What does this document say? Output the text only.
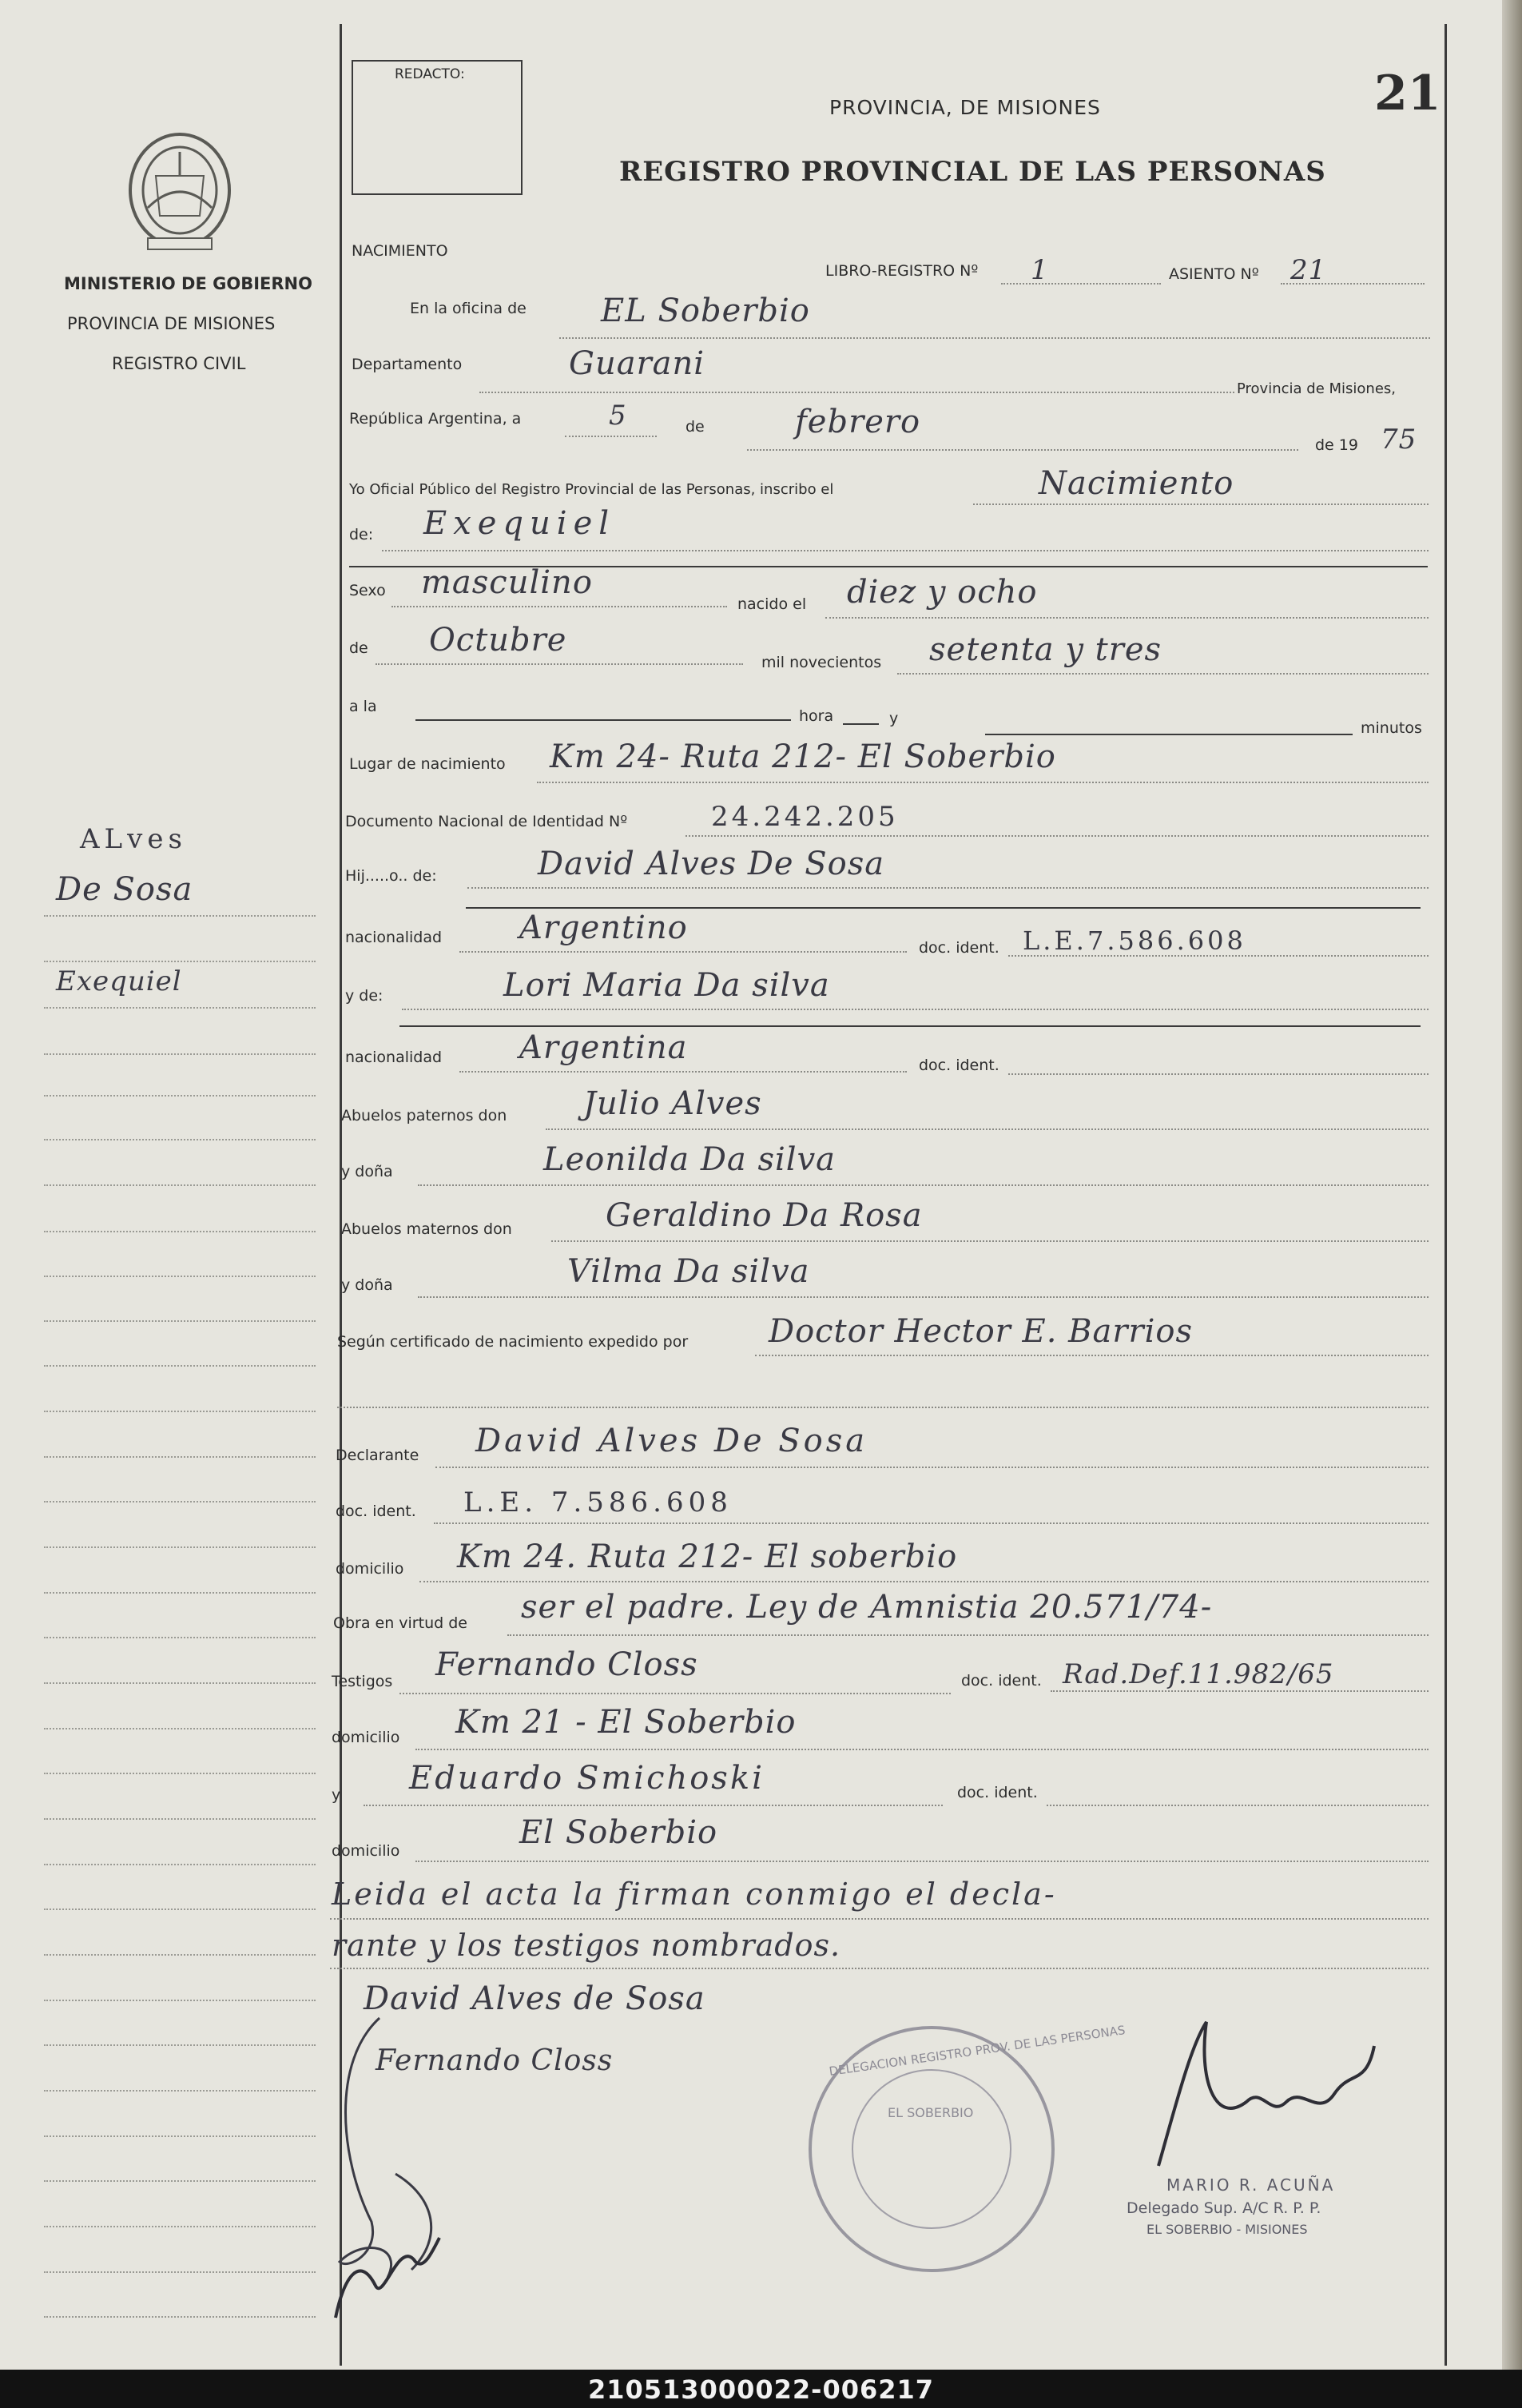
REDACTO:
PROVINCIA, DE MISIONES
REGISTRO PROVINCIAL DE LAS PERSONAS
21
MINISTERIO DE GOBIERNO
PROVINCIA DE MISIONES
REGISTRO CIVIL
ALves
De Sosa
Exequiel
NACIMIENTO
LIBRO-REGISTRO Nº 1	ASIENTO Nº 21
En la oficina de EL Soberbio
Departamento	Guarani
Provincia de Misiones,
República Argentina, a	5	de	febrero
de 19 75
Yo Oficial Público del Registro Provincial de las Personas, inscribo el	Nacimiento
de: Exequiel
Sexo masculino
nacido el diez y ocho
de Octubre
mil novecientos setenta y tres
a la
hora	y
minutos
Lugar de nacimiento Km 24- Ruta 212- El Soberbio
Documento Nacional de Identidad Nº	24.242.205
Hij.....o.. de:	David Alves De Sosa
nacionalidad Argentino
doc. ident. L.E.7.586.608
y de:	Lori Maria Da silva
nacionalidad Argentina	doc. ident.
Abuelos paternos don Julio Alves
y doña	Leonilda Da silva
Abuelos maternos don	Geraldino Da Rosa
y doña	Vilma Da silva
Según certificado de nacimiento expedido por	Doctor Hector E. Barrios
Declarante David Alves De Sosa
doc. ident. L.E. 7.586.608
domicilio Km 24. Ruta 212- El soberbio
Obra en virtud de ser el padre. Ley de Amnistia 20.571/74-
Testigos Fernando Closs	doc. ident. Rad.Def.11.982/65
domicilio Km 21 - El Soberbio
y Eduardo Smichoski	doc. ident.
domicilio	El Soberbio
Leida el acta la firman conmigo el decla-
rante y los testigos nombrados.
David Alves de Sosa
Fernando Closs	DELEGACION REGISTRO PROV. DE LAS PERSONAS
EL SOBERBIO
MARIO R. ACUÑA
Delegado Sup. A/C R. P. P.
EL SOBERBIO - MISIONES
210513000022-006217
